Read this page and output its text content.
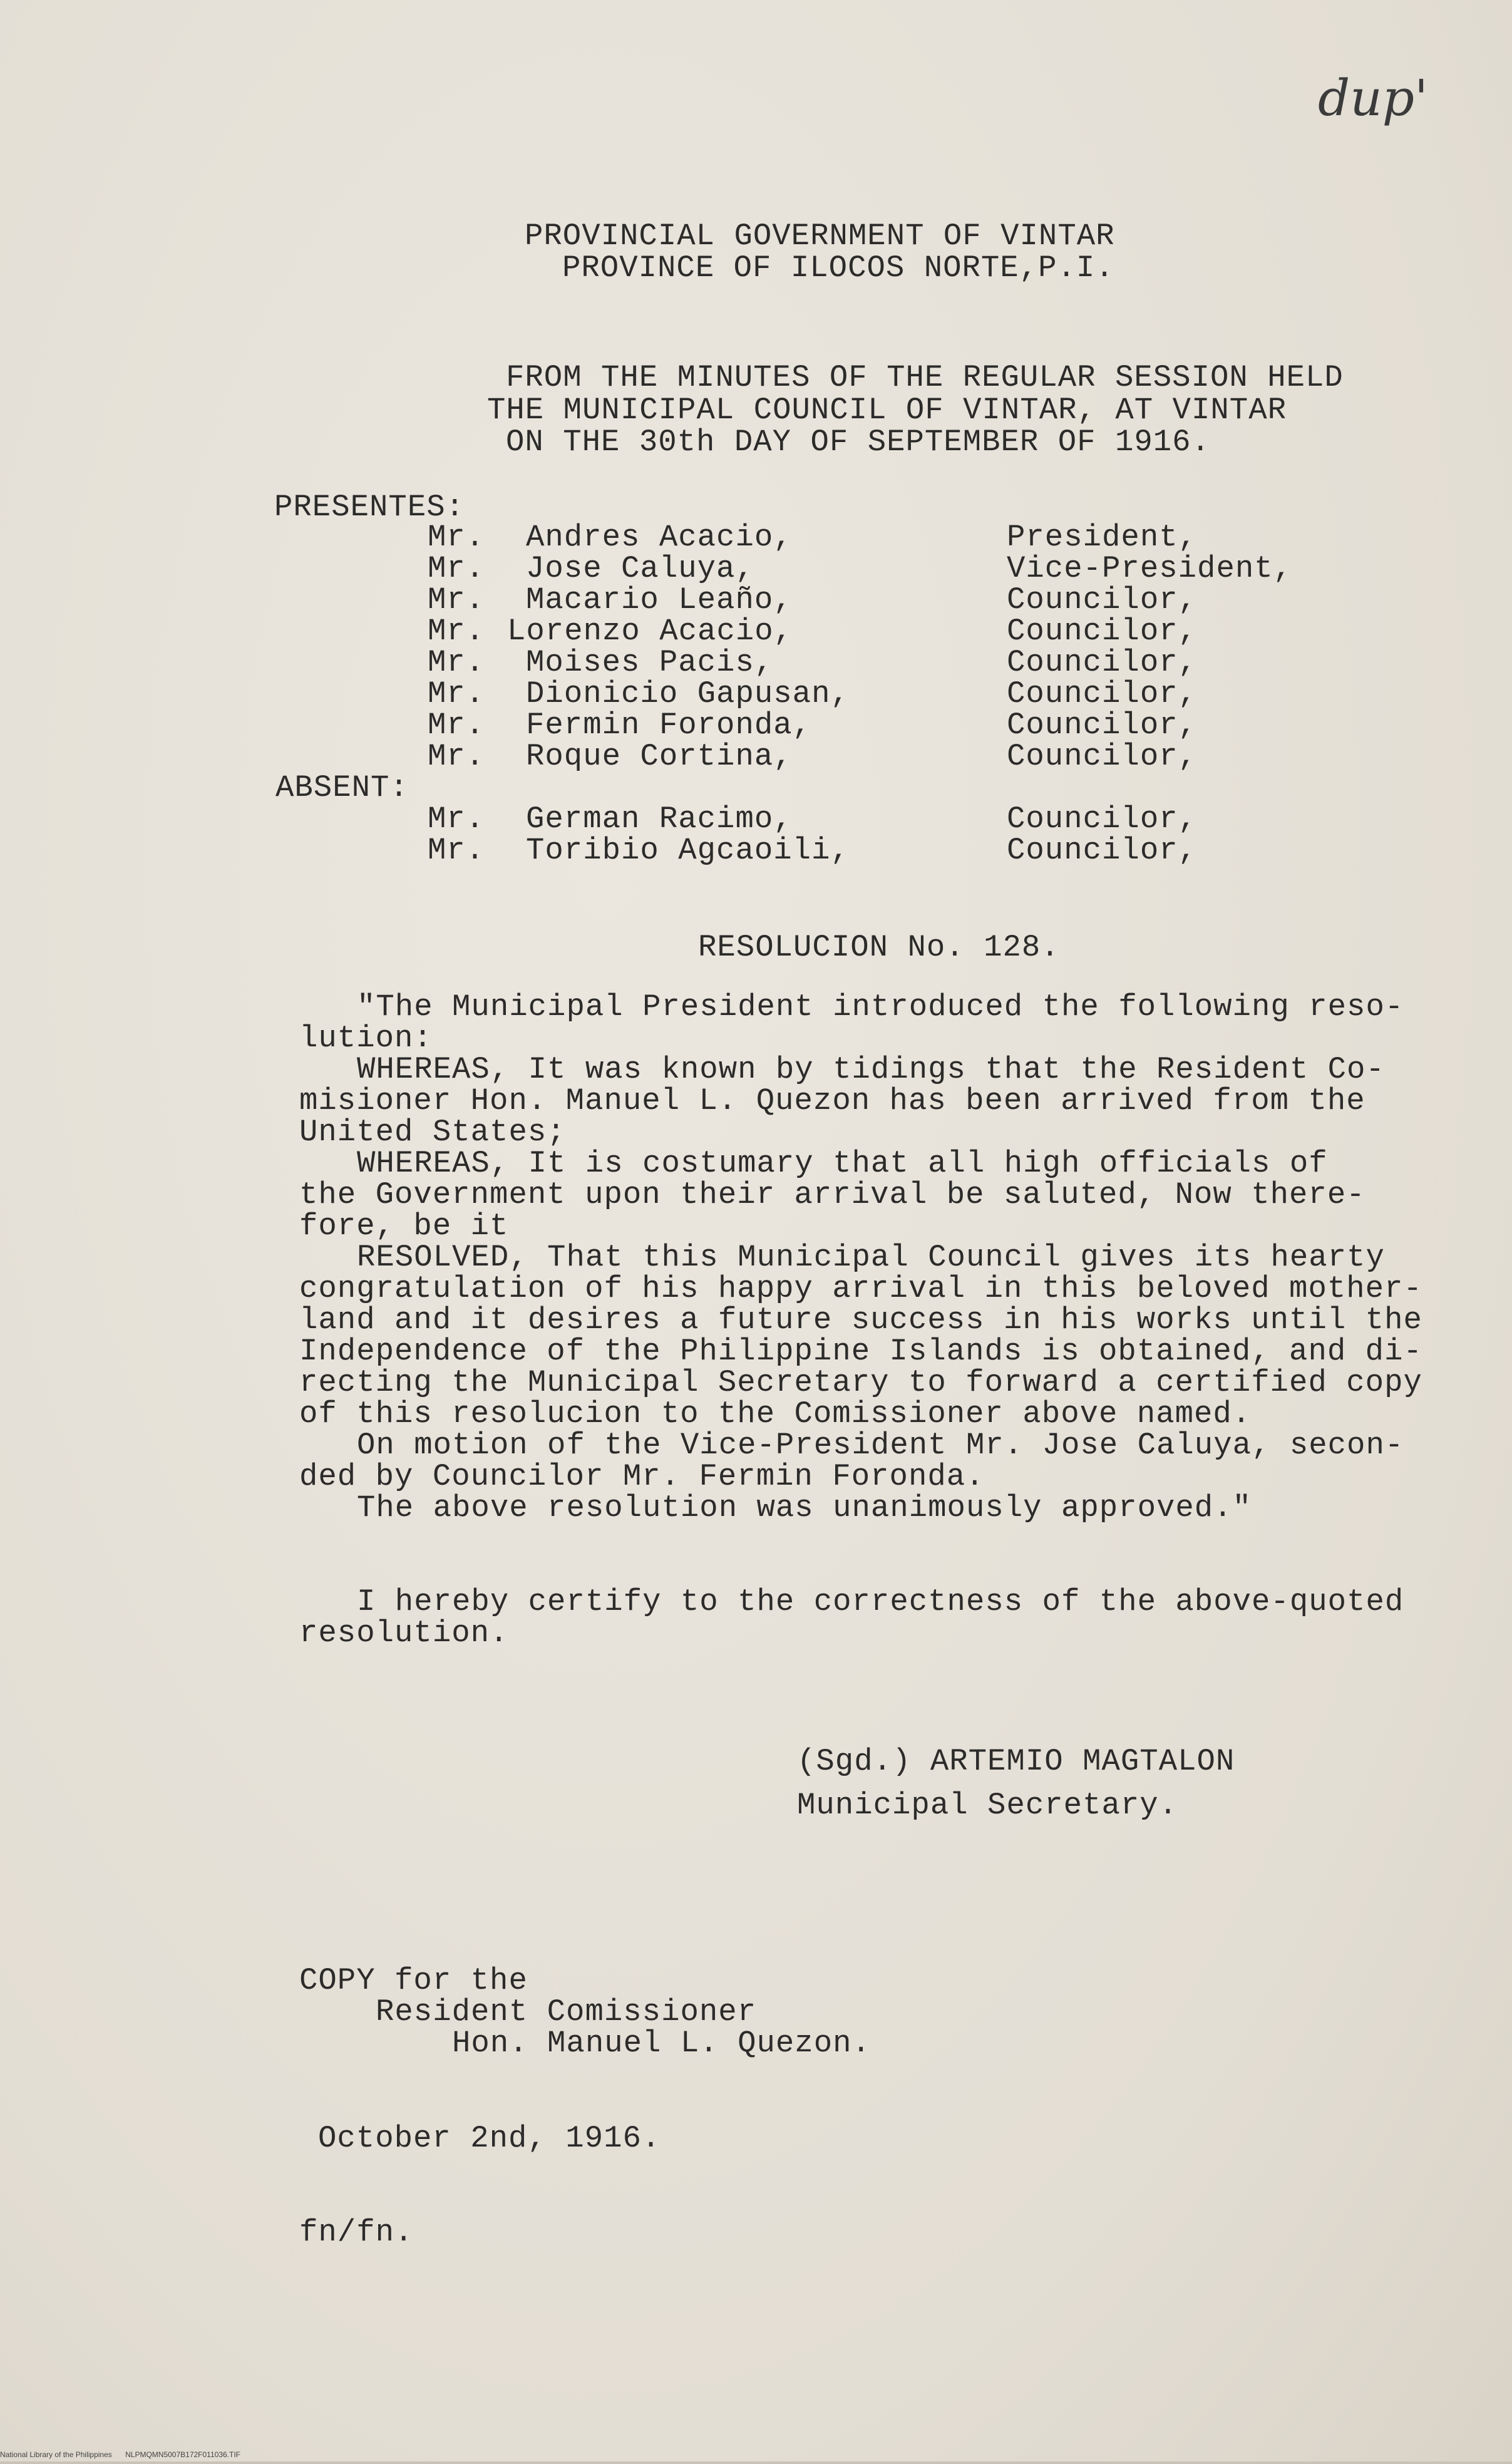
dup'
PROVINCIAL GOVERNMENT OF VINTAR
PROVINCE OF ILOCOS NORTE,P.I.
FROM THE MINUTES OF THE REGULAR SESSION HELD
THE MUNICIPAL COUNCIL OF VINTAR, AT VINTAR
ON THE 30th DAY OF SEPTEMBER OF 1916.
PRESENTES:
Mr. Andres Acacio,	President,
Mr. Jose Caluya,	Vice-President,
Mr. Macario Leaño,	Councilor,
Mr. Lorenzo Acacio,	Councilor,
Mr. Moises Pacis,	Councilor,
Mr. Dionicio Gapusan,	Councilor,
Mr. Fermin Foronda,	Councilor,
Mr. Roque Cortina,	Councilor,
ABSENT:
Mr. German Racimo,	Councilor,
Mr. Toribio Agcaoili,	Councilor,
RESOLUCION No. 128.
"The Municipal President introduced the following reso-
lution:
WHEREAS, It was known by tidings that the Resident Co-
misioner Hon. Manuel L. Quezon has been arrived from the
United States;
WHEREAS, It is costumary that all high officials of
the Government upon their arrival be saluted, Now there-
fore, be it
RESOLVED, That this Municipal Council gives its hearty
congratulation of his happy arrival in this beloved mother-
land and it desires a future success in his works until the
Independence of the Philippine Islands is obtained, and di-
recting the Municipal Secretary to forward a certified copy
of this resolucion to the Comissioner above named.
On motion of the Vice-President Mr. Jose Caluya, secon-
ded by Councilor Mr. Fermin Foronda.
The above resolution was unanimously approved."
I hereby certify to the correctness of the above-quoted
resolution.
(Sgd.) ARTEMIO MAGTALON
Municipal Secretary.
COPY for the
Resident Comissioner
Hon. Manuel L. Quezon.
October 2nd, 1916.
fn/fn.
National Library of the Philippines NLPMQMN5007B172F011036.TIF
